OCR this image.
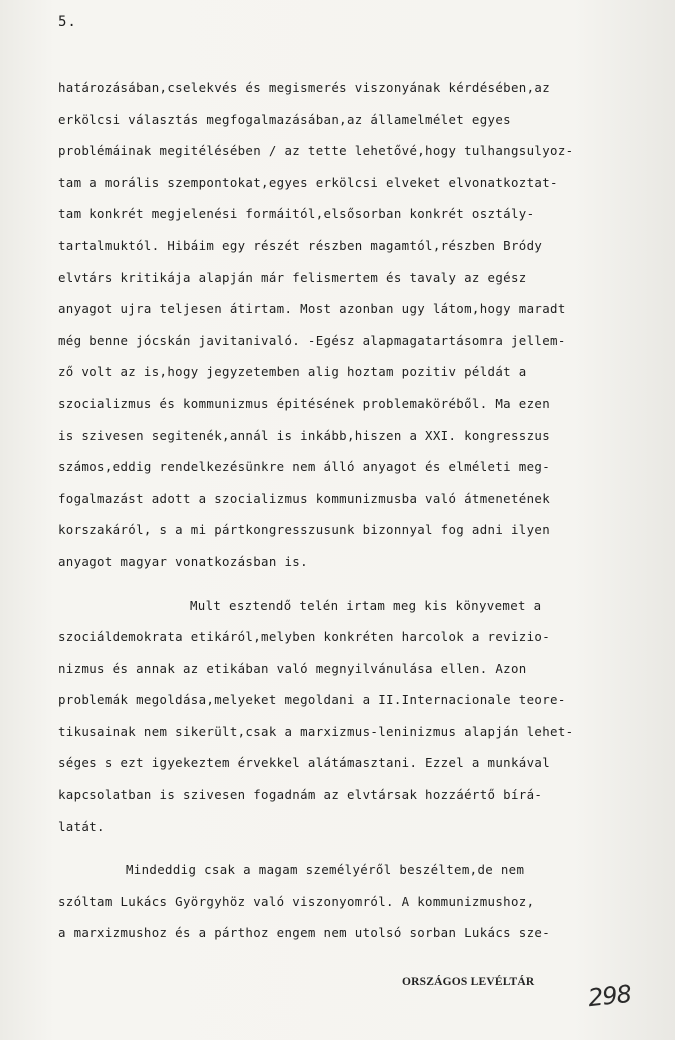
5.
határozásában,cselekvés és megismerés viszonyának kérdésében,az
erkölcsi választás megfogalmazásában,az államelmélet egyes
problémáinak megitélésében / az tette lehetővé,hogy tulhangsulyoz-
tam a morális szempontokat,egyes erkölcsi elveket elvonatkoztat-
tam konkrét megjelenési formáitól,elsősorban konkrét osztály-
tartalmuktól. Hibáim egy részét részben magamtól,részben Bródy
elvtárs kritikája alapján már felismertem és tavaly az egész
anyagot ujra teljesen átirtam. Most azonban ugy látom,hogy maradt
még benne jócskán javitanivaló. -Egész alapmagatartásomra jellem-
ző volt az is,hogy jegyzetemben alig hoztam pozitiv példát a
szocializmus és kommunizmus épitésének problemaköréből. Ma ezen
is szivesen segitenék,annál is inkább,hiszen a XXI. kongresszus
számos,eddig rendelkezésünkre nem álló anyagot és elméleti meg-
fogalmazást adott a szocializmus kommunizmusba való átmenetének
korszakáról, s a mi pártkongresszusunk bizonnyal fog adni ilyen
anyagot magyar vonatkozásban is.
Mult esztendő telén irtam meg kis könyvemet a
szociáldemokrata etikáról,melyben konkréten harcolok a revizio-
nizmus és annak az etikában való megnyilvánulása ellen. Azon
problemák megoldása,melyeket megoldani a II.Internacionale teore-
tikusainak nem sikerült,csak a marxizmus-leninizmus alapján lehet-
séges s ezt igyekeztem érvekkel alátámasztani. Ezzel a munkával
kapcsolatban is szivesen fogadnám az elvtársak hozzáértő bírá-
latát.
Mindeddig csak a magam személyéről beszéltem,de nem
szóltam Lukács Györgyhöz való viszonyomról. A kommunizmushoz,
a marxizmushoz és a párthoz engem nem utolsó sorban Lukács sze-
ORSZÁGOS LEVÉLTÁR 298
